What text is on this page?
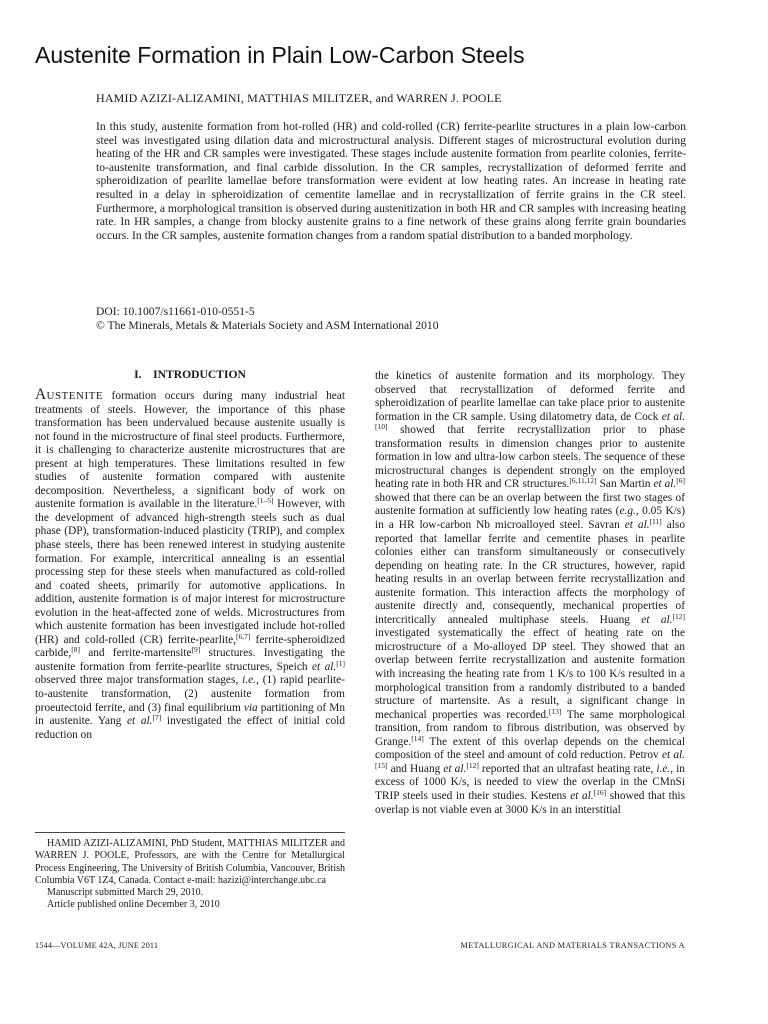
Austenite Formation in Plain Low-Carbon Steels
HAMID AZIZI-ALIZAMINI, MATTHIAS MILITZER, and WARREN J. POOLE
In this study, austenite formation from hot-rolled (HR) and cold-rolled (CR) ferrite-pearlite structures in a plain low-carbon steel was investigated using dilation data and microstructural analysis. Different stages of microstructural evolution during heating of the HR and CR samples were investigated. These stages include austenite formation from pearlite colonies, ferrite-to-austenite transformation, and final carbide dissolution. In the CR samples, recrystallization of deformed ferrite and spheroidization of pearlite lamellae before transformation were evident at low heating rates. An increase in heating rate resulted in a delay in spheroidization of cementite lamellae and in recrystallization of ferrite grains in the CR steel. Furthermore, a morphological transition is observed during austenitization in both HR and CR samples with increasing heating rate. In HR samples, a change from blocky austenite grains to a fine network of these grains along ferrite grain boundaries occurs. In the CR samples, austenite formation changes from a random spatial distribution to a banded morphology.
DOI: 10.1007/s11661-010-0551-5
© The Minerals, Metals & Materials Society and ASM International 2010
I. INTRODUCTION

AUSTENITE formation occurs during many industrial heat treatments of steels. However, the importance of this phase transformation has been undervalued because austenite usually is not found in the microstructure of final steel products. Furthermore, it is challenging to characterize austenite microstructures that are present at high temperatures. These limitations resulted in few studies of austenite formation compared with austenite decomposition. Nevertheless, a significant body of work on austenite formation is available in the literature.[1–5] However, with the development of advanced high-strength steels such as dual phase (DP), transformation-induced plasticity (TRIP), and complex phase steels, there has been renewed interest in studying austenite formation. For example, intercritical annealing is an essential processing step for these steels when manufactured as cold-rolled and coated sheets, primarily for automotive applications. In addition, austenite formation is of major interest for microstructure evolution in the heat-affected zone of welds. Microstructures from which austenite formation has been investigated include hot-rolled (HR) and cold-rolled (CR) ferrite-pearlite,[6,7] ferrite-spheroidized carbide,[8] and ferrite-martensite[9] structures. Investigating the austenite formation from ferrite-pearlite structures, Speich et al.[1] observed three major transformation stages, i.e., (1) rapid pearlite-to-austenite transformation, (2) austenite formation from proeutectoid ferrite, and (3) final equilibrium via partitioning of Mn in austenite. Yang et al.[7] investigated the effect of initial cold reduction on

the kinetics of austenite formation and its morphology. They observed that recrystallization of deformed ferrite and spheroidization of pearlite lamellae can take place prior to austenite formation in the CR sample. Using dilatometry data, de Cock et al.[10] showed that ferrite recrystallization prior to phase transformation results in dimension changes prior to austenite formation in low and ultra-low carbon steels. The sequence of these microstructural changes is dependent strongly on the employed heating rate in both HR and CR structures.[6,11,12] San Martin et al.[6] showed that there can be an overlap between the first two stages of austenite formation at sufficiently low heating rates (e.g., 0.05 K/s) in a HR low-carbon Nb microalloyed steel. Savran et al.[11] also reported that lamellar ferrite and cementite phases in pearlite colonies either can transform simultaneously or consecutively depending on heating rate. In the CR structures, however, rapid heating results in an overlap between ferrite recrystallization and austenite formation. This interaction affects the morphology of austenite directly and, consequently, mechanical properties of intercritically annealed multiphase steels. Huang et al.[12] investigated systematically the effect of heating rate on the microstructure of a Mo-alloyed DP steel. They showed that an overlap between ferrite recrystallization and austenite formation with increasing the heating rate from 1 K/s to 100 K/s resulted in a morphological transition from a randomly distributed to a banded structure of martensite. As a result, a significant change in mechanical properties was recorded.[13] The same morphological transition, from random to fibrous distribution, was observed by Grange.[14] The extent of this overlap depends on the chemical composition of the steel and amount of cold reduction. Petrov et al.[15] and Huang et al.[12] reported that an ultrafast heating rate, i.e., in excess of 1000 K/s, is needed to view the overlap in the CMnSi TRIP steels used in their studies. Kestens et al.[16] showed that this overlap is not viable even at 3000 K/s in an interstitial

HAMID AZIZI-ALIZAMINI, PhD Student, MATTHIAS MILITZER and WARREN J. POOLE, Professors, are with the Centre for Metallurgical Process Engineering, The University of British Columbia, Vancouver, British Columbia V6T 1Z4, Canada. Contact e-mail: hazizi@interchange.ubc.ca

Manuscript submitted March 29, 2010.

Article published online December 3, 2010

1544—VOLUME 42A, JUNE 2011	METALLURGICAL AND MATERIALS TRANSACTIONS A
